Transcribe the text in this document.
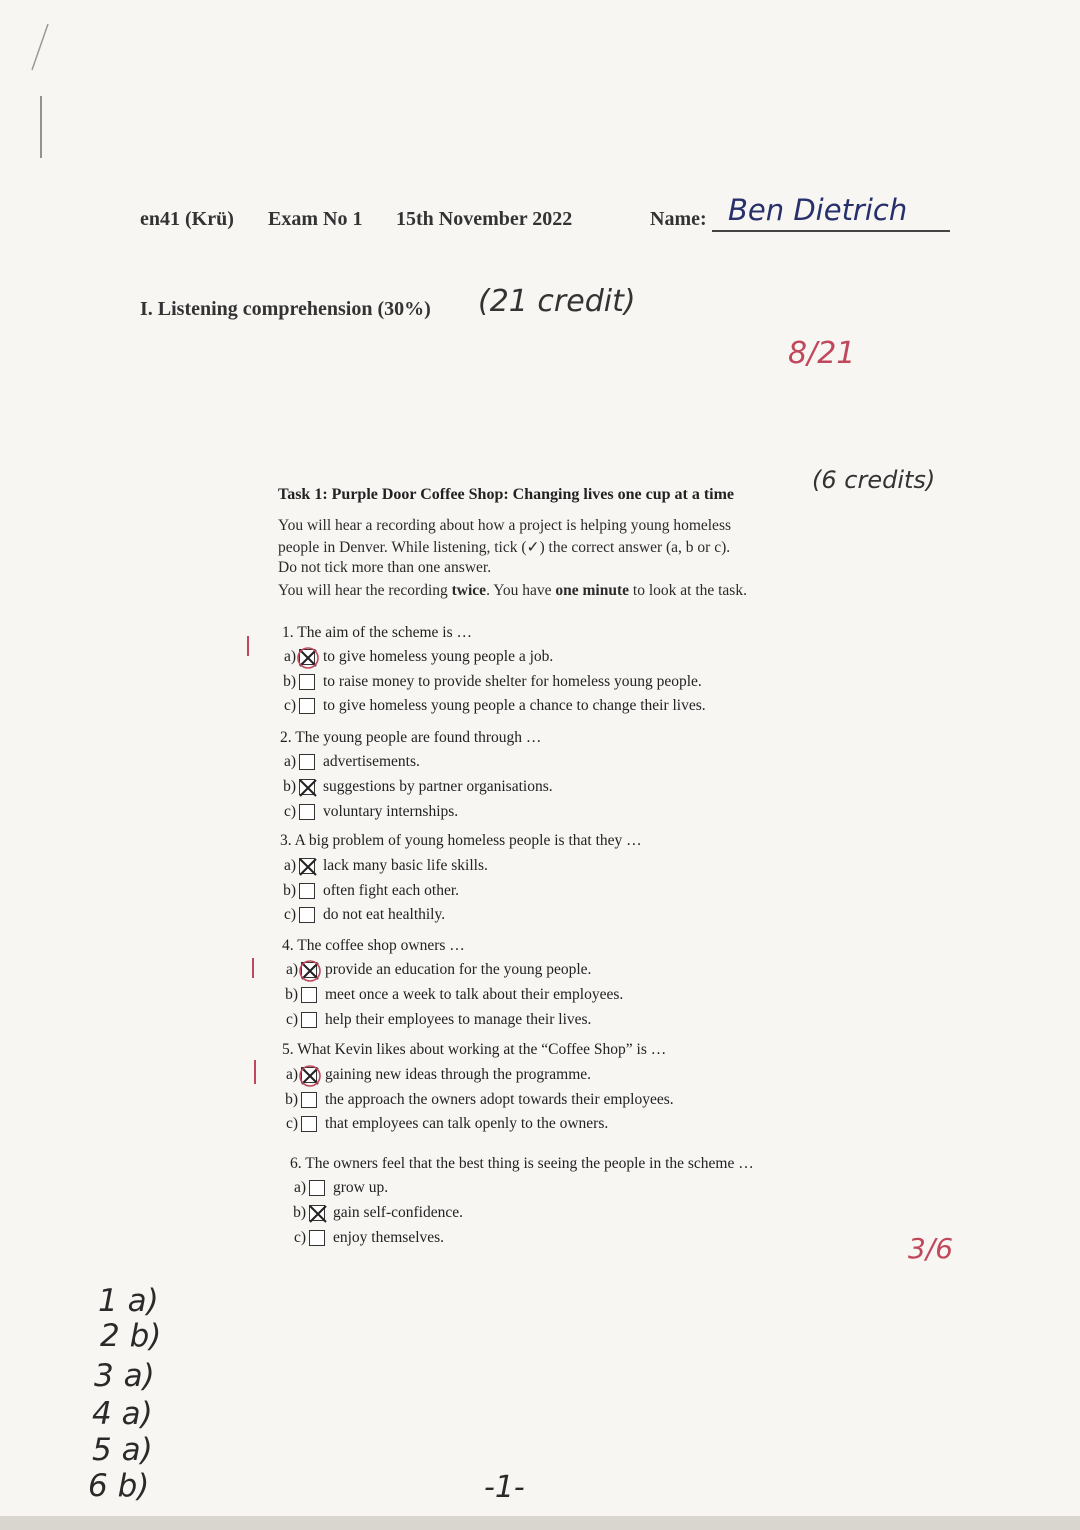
en41 (Krü) Exam No 1 15th November 2022	Name: Ben Dietrich
I. Listening comprehension (30%) (21 credit)
8/21
(6 credits)
Task 1: Purple Door Coffee Shop: Changing lives one cup at a time
You will hear a recording about how a project is helping young homeless
people in Denver. While listening, tick (✓) the correct answer (a, b or c).
Do not tick more than one answer.
You will hear the recording twice. You have one minute to look at the task.
1. The aim of the scheme is …
a) to give homeless young people a job.
b) to raise money to provide shelter for homeless young people.
c) to give homeless young people a chance to change their lives.
2. The young people are found through …
a) advertisements.
b) suggestions by partner organisations.
c) voluntary internships.
3. A big problem of young homeless people is that they …
a) lack many basic life skills.
b) often fight each other.
c) do not eat healthily.
4. The coffee shop owners …
a) provide an education for the young people.
b) meet once a week to talk about their employees.
c) help their employees to manage their lives.
5. What Kevin likes about working at the “Coffee Shop” is …
a) gaining new ideas through the programme.
b) the approach the owners adopt towards their employees.
c) that employees can talk openly to the owners.
6. The owners feel that the best thing is seeing the people in the scheme …
a) grow up.
b) gain self-confidence.
c) enjoy themselves.	3/6
1 a)
2 b)
3 a)
4 a)
5 a)
6 b)	-1-
